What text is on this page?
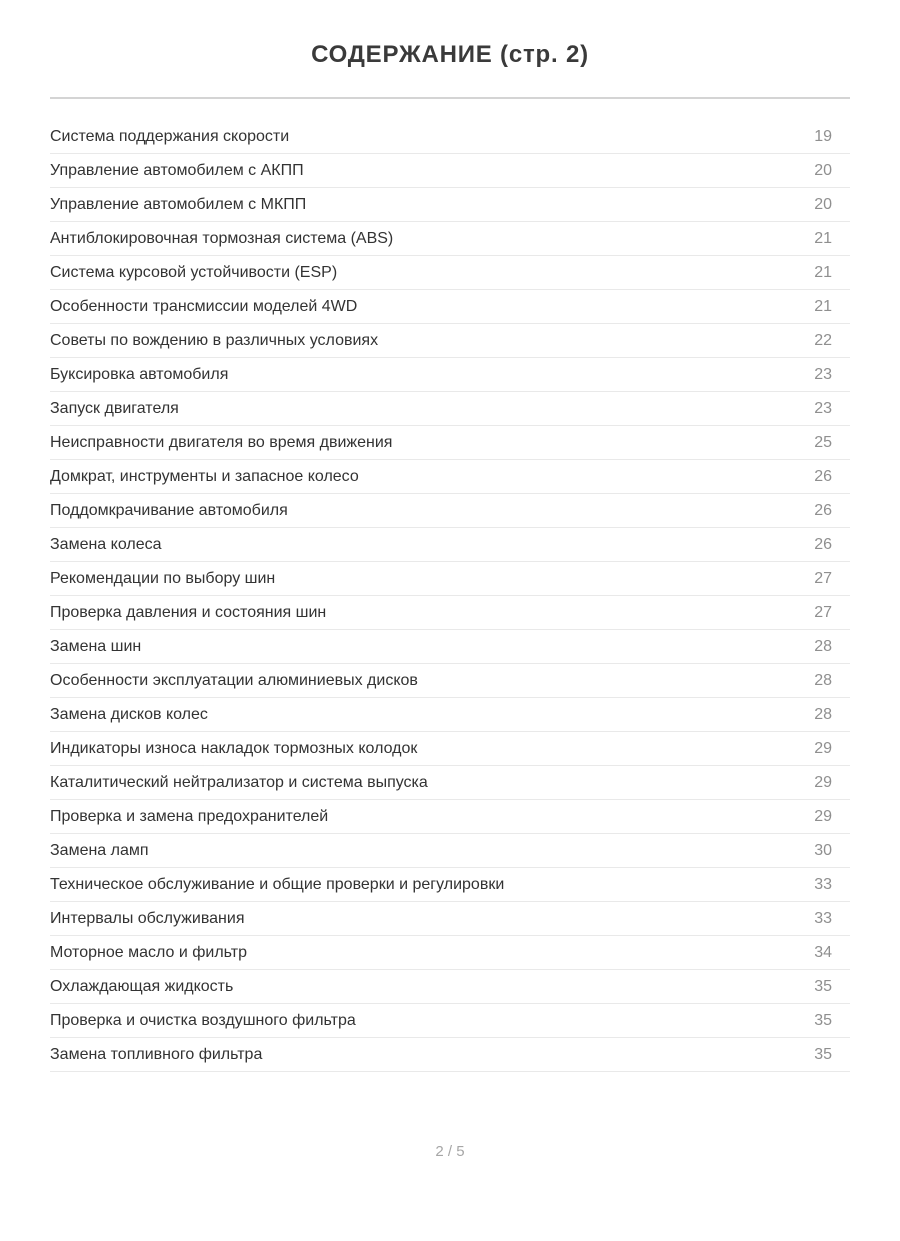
СОДЕРЖАНИЕ (стр. 2)
Система поддержания скорости	19
Управление автомобилем с АКПП	20
Управление автомобилем с МКПП	20
Антиблокировочная тормозная система (ABS)	21
Система курсовой устойчивости (ESP)	21
Особенности трансмиссии моделей 4WD	21
Советы по вождению в различных условиях	22
Буксировка автомобиля	23
Запуск двигателя	23
Неисправности двигателя во время движения	25
Домкрат, инструменты и запасное колесо	26
Поддомкрачивание автомобиля	26
Замена колеса	26
Рекомендации по выбору шин	27
Проверка давления и состояния шин	27
Замена шин	28
Особенности эксплуатации алюминиевых дисков	28
Замена дисков колес	28
Индикаторы износа накладок тормозных колодок	29
Каталитический нейтрализатор и система выпуска	29
Проверка и замена предохранителей	29
Замена ламп	30
Техническое обслуживание и общие проверки и регулировки	33
Интервалы обслуживания	33
Моторное масло и фильтр	34
Охлаждающая жидкость	35
Проверка и очистка воздушного фильтра	35
Замена топливного фильтра	35
2 / 5
